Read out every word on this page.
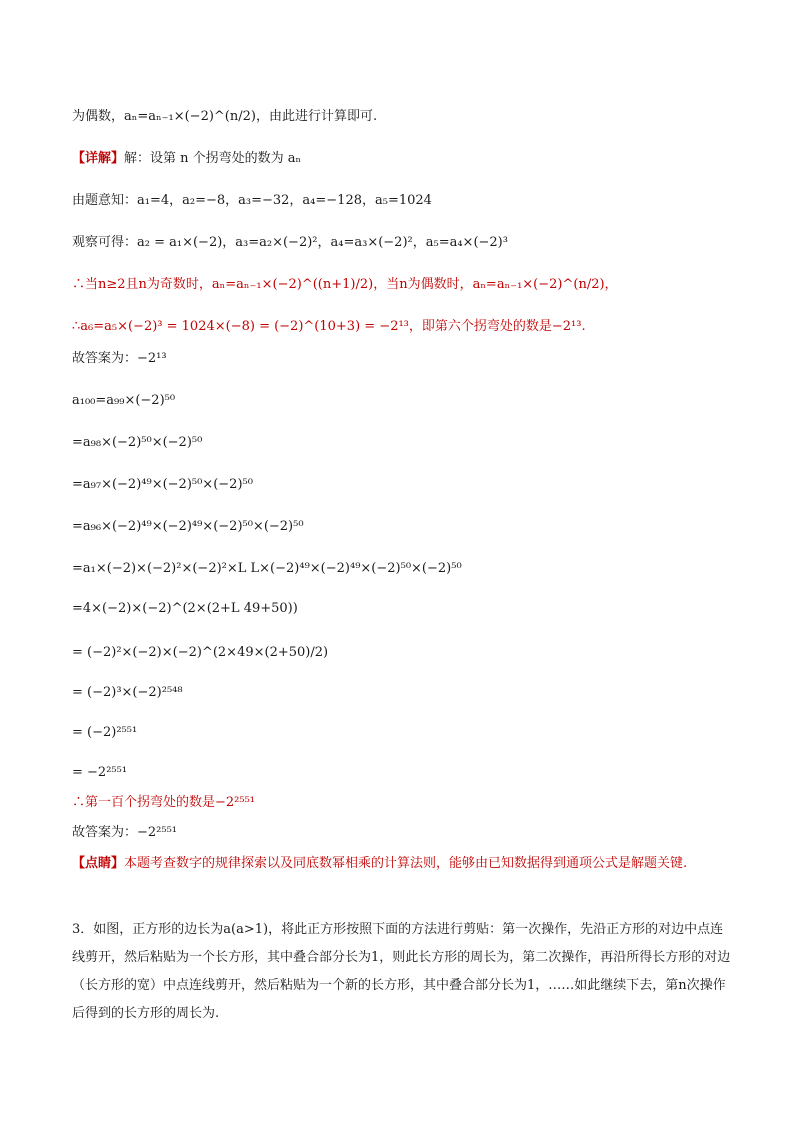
为偶数，aₙ=aₙ₋₁×(−2)^(n/2)，由此进行计算即可.
【详解】解：设第 n 个拐弯处的数为 aₙ
由题意知：a₁=4，a₂=−8，a₃=−32，a₄=−128，a₅=1024
观察可得：a₂ = a₁×(−2)，a₃=a₂×(−2)²，a₄=a₃×(−2)²，a₅=a₄×(−2)³
∴当n≥2且n为奇数时，aₙ=aₙ₋₁×(−2)^((n+1)/2)，当n为偶数时，aₙ=aₙ₋₁×(−2)^(n/2)，
∴a₆=a₅×(−2)³ = 1024×(−8) = (−2)^(10+3) = −2¹³，即第六个拐弯处的数是−2¹³.
故答案为：−2¹³
a₁₀₀=a₉₉×(−2)⁵⁰
=a₉₈×(−2)⁵⁰×(−2)⁵⁰
=a₉₇×(−2)⁴⁹×(−2)⁵⁰×(−2)⁵⁰
=a₉₆×(−2)⁴⁹×(−2)⁴⁹×(−2)⁵⁰×(−2)⁵⁰
=a₁×(−2)×(−2)²×(−2)²×L L×(−2)⁴⁹×(−2)⁴⁹×(−2)⁵⁰×(−2)⁵⁰
=4×(−2)×(−2)^(2×(2+L 49+50))
= (−2)²×(−2)×(−2)^(2×49×(2+50)/2)
= (−2)³×(−2)²⁵⁴⁸
= (−2)²⁵⁵¹
= −2²⁵⁵¹
∴第一百个拐弯处的数是−2²⁵⁵¹
故答案为：−2²⁵⁵¹
【点睛】本题考查数字的规律探索以及同底数幂相乘的计算法则，能够由已知数据得到通项公式是解题关键.
3．如图，正方形的边长为a(a>1)，将此正方形按照下面的方法进行剪贴：第一次操作，先沿正方形的对边中点连线剪开，然后粘贴为一个长方形，其中叠合部分长为1，则此长方形的周长为，第二次操作，再沿所得长方形的对边（长方形的宽）中点连线剪开，然后粘贴为一个新的长方形，其中叠合部分长为1，……如此继续下去，第n次操作后得到的长方形的周长为.
